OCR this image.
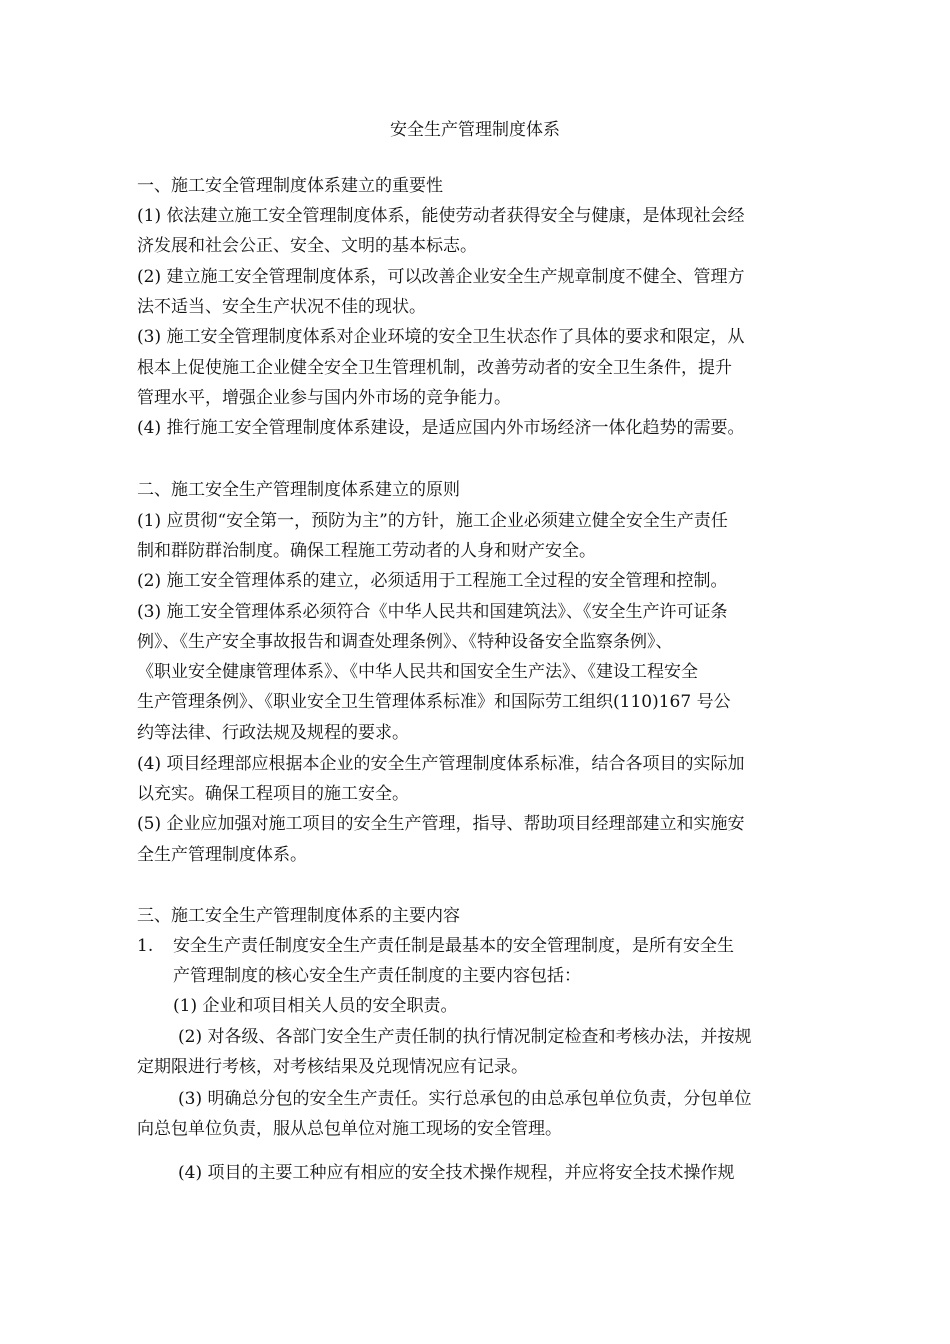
安全生产管理制度体系
一、施工安全管理制度体系建立的重要性
(1) 依法建立施工安全管理制度体系，能使劳动者获得安全与健康，是体现社会经
济发展和社会公正、安全、文明的基本标志。
(2) 建立施工安全管理制度体系，可以改善企业安全生产规章制度不健全、管理方
法不适当、安全生产状况不佳的现状。
(3) 施工安全管理制度体系对企业环境的安全卫生状态作了具体的要求和限定，从
根本上促使施工企业健全安全卫生管理机制，改善劳动者的安全卫生条件，提升
管理水平，增强企业参与国内外市场的竞争能力。
(4) 推行施工安全管理制度体系建设，是适应国内外市场经济一体化趋势的需要。
二、施工安全生产管理制度体系建立的原则
(1) 应贯彻“安全第一，预防为主”的方针，施工企业必须建立健全安全生产责任
制和群防群治制度。确保工程施工劳动者的人身和财产安全。
(2) 施工安全管理体系的建立，必须适用于工程施工全过程的安全管理和控制。
(3) 施工安全管理体系必须符合《中华人民共和国建筑法》、《安全生产许可证条
例》、《生产安全事故报告和调查处理条例》、《特种设备安全监察条例》、
《职业安全健康管理体系》、《中华人民共和国安全生产法》、《建设工程安全
生产管理条例》、《职业安全卫生管理体系标准》和国际劳工组织(110)167 号公
约等法律、行政法规及规程的要求。
(4) 项目经理部应根据本企业的安全生产管理制度体系标准，结合各项目的实际加
以充实。确保工程项目的施工安全。
(5) 企业应加强对施工项目的安全生产管理，指导、帮助项目经理部建立和实施安
全生产管理制度体系。
三、施工安全生产管理制度体系的主要内容
1. 安全生产责任制度安全生产责任制是最基本的安全管理制度，是所有安全生
产管理制度的核心安全生产责任制度的主要内容包括：
(1) 企业和项目相关人员的安全职责。
(2) 对各级、各部门安全生产责任制的执行情况制定检查和考核办法，并按规
定期限进行考核，对考核结果及兑现情况应有记录。
(3) 明确总分包的安全生产责任。实行总承包的由总承包单位负责，分包单位
向总包单位负责，服从总包单位对施工现场的安全管理。
(4) 项目的主要工种应有相应的安全技术操作规程，并应将安全技术操作规
